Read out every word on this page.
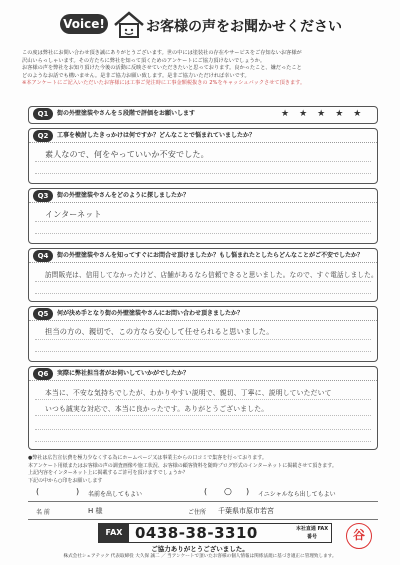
Voice!	お客様の声をお聞かせください
この度は弊社にお問い合わせ頂き誠にありがとうございます。世の中には塗装社の存在やサービスをご存知ないお客様が
沢山いらっしゃいます。その方たちに弊社を知って頂くためのアンケートにご協力頂けないでしょうか。
お客様の声を弊社をお知り頂けた今後の活動に反映させていただきたいと思っております。良かったこと、嫌だったこと
どのようなお話でも構いません。是非ご協力お願い致します。是非ご協力いただければ幸いです。
※本アンケートにご記入いただいたお客様には工事ご発注時に工事金額税抜きの 2%をキャッシュバックさせて頂きます。
Q1	街の外壁塗装やさんを５段階で評価をお願いします	★★★★★
Q2	工事を検討したきっかけは何ですか？どんなことで悩まれていましたか？
素人なので、何をやっていいか不安でした。
Q3	街の外壁塗装やさんをどのように探しましたか？
インターネット
Q4	街の外壁塗装やさんを知ってすぐにお問合せ頂けましたか？もし悩まれたとしたらどんなことがご不安でしたか？
訪問販売は、信用してなかったけど、店舗があるなら信頼できると思いました。なので、すぐ電話しました。
Q5	何が決め手となり街の外壁塗装やさんにお問い合わせ頂きましたか？
担当の方の、親切で、この方なら安心して任せられると思いました。
Q6	実際に弊社担当者がお伺いしていかがでしたか？
本当に、不安な気持ちでしたが、わかりやすい説明で、親切、丁寧に、説明していただいて
いつも誠実な対応で、本当に良かったです。ありがとうございました。
●弊社は広告宣伝費を極力少なくする為にホームページ又は事業主からの口コミで集客を行っております。
本アンケート用紙またはお客様の声の調査画像や施工状況、お客様の顧客資料を随時ブログ形式のインターネットに掲載させて頂きます。
上記内容をインターネット上に掲載するご許可を頂けますでしょうか？
下記の中から○印をお願いします
(	) 名前を出してもよい	( ○ ) イニシャルなら出してもよい
名 前	H 様	ご住所 千葉県市原市若宮
FAX 0438-38-3310	本社直通 FAX番号	谷
ご協力ありがとうございました。
株式会社シェアテック 代表取締役 大久保 誠二 ／ 当アンケートで頂いたお客様の個人情報は関係法規に基づき適正に管理致します。
